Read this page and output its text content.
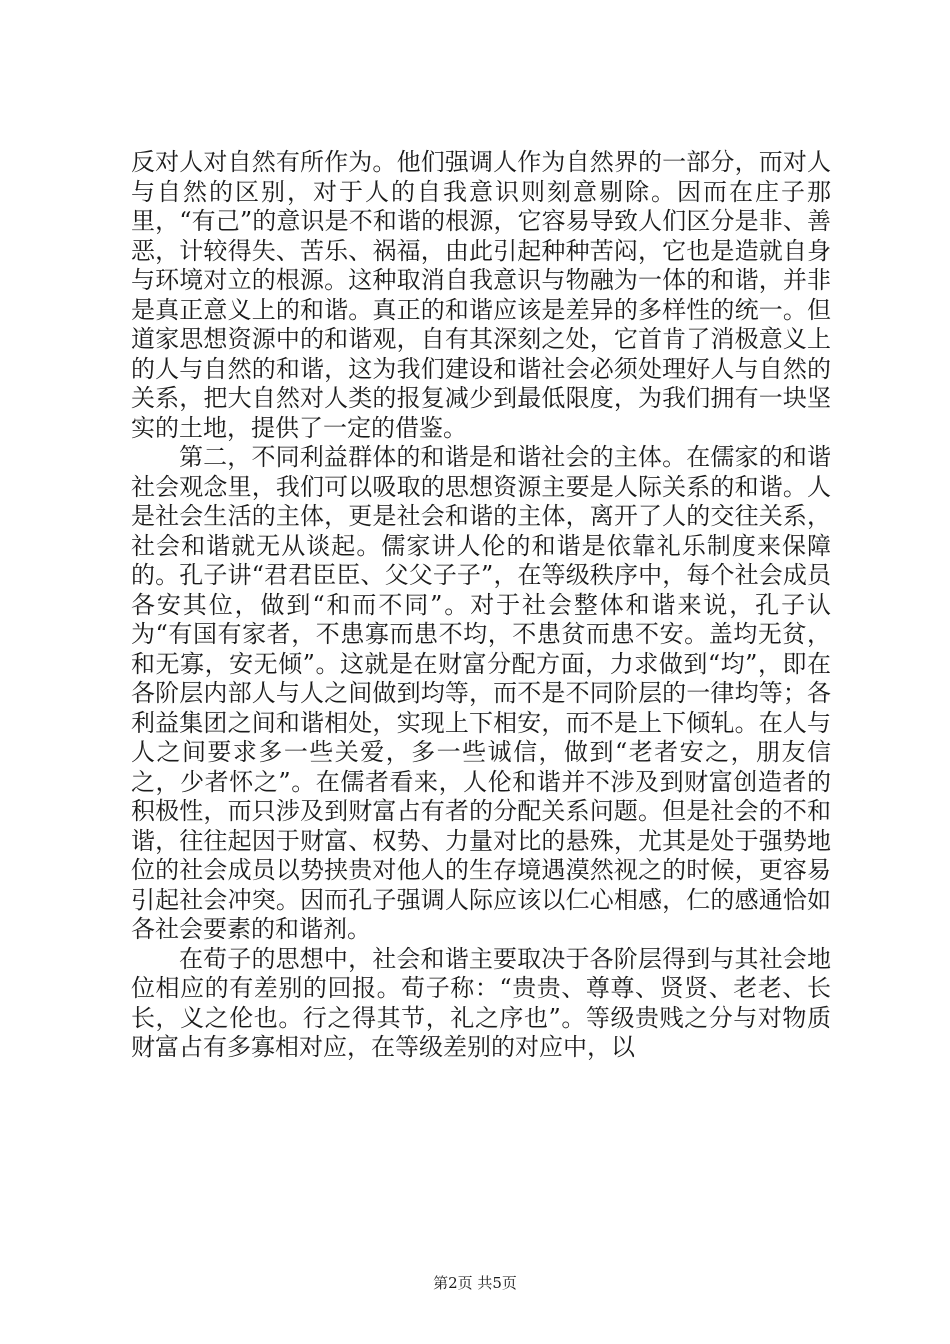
反对人对自然有所作为。他们强调人作为自然界的一部分，而对人与自然的区别，对于人的自我意识则刻意剔除。因而在庄子那里，“有己”的意识是不和谐的根源，它容易导致人们区分是非、善恶，计较得失、苦乐、祸福，由此引起种种苦闷，它也是造就自身与环境对立的根源。这种取消自我意识与物融为一体的和谐，并非是真正意义上的和谐。真正的和谐应该是差异的多样性的统一。但道家思想资源中的和谐观，自有其深刻之处，它首肯了消极意义上的人与自然的和谐，这为我们建设和谐社会必须处理好人与自然的关系，把大自然对人类的报复减少到最低限度，为我们拥有一块坚实的土地，提供了一定的借鉴。

第二，不同利益群体的和谐是和谐社会的主体。在儒家的和谐社会观念里，我们可以吸取的思想资源主要是人际关系的和谐。人是社会生活的主体，更是社会和谐的主体，离开了人的交往关系，社会和谐就无从谈起。儒家讲人伦的和谐是依靠礼乐制度来保障的。孔子讲“君君臣臣、父父子子”，在等级秩序中，每个社会成员各安其位，做到“和而不同”。对于社会整体和谐来说，孔子认为“有国有家者，不患寡而患不均，不患贫而患不安。盖均无贫，和无寡，安无倾”。这就是在财富分配方面，力求做到“均”，即在各阶层内部人与人之间做到均等，而不是不同阶层的一律均等；各利益集团之间和谐相处，实现上下相安，而不是上下倾轧。在人与人之间要求多一些关爱，多一些诚信，做到“老者安之，朋友信之，少者怀之”。在儒者看来，人伦和谐并不涉及到财富创造者的积极性，而只涉及到财富占有者的分配关系问题。但是社会的不和谐，往往起因于财富、权势、力量对比的悬殊，尤其是处于强势地位的社会成员以势挟贵对他人的生存境遇漠然视之的时候，更容易引起社会冲突。因而孔子强调人际应该以仁心相感，仁的感通恰如各社会要素的和谐剂。

在荀子的思想中，社会和谐主要取决于各阶层得到与其社会地位相应的有差别的回报。荀子称：“贵贵、尊尊、贤贤、老老、长长，义之伦也。行之得其节，礼之序也”。等级贵贱之分与对物质财富占有多寡相对应，在等级差别的对应中，以

第2页 共5页
